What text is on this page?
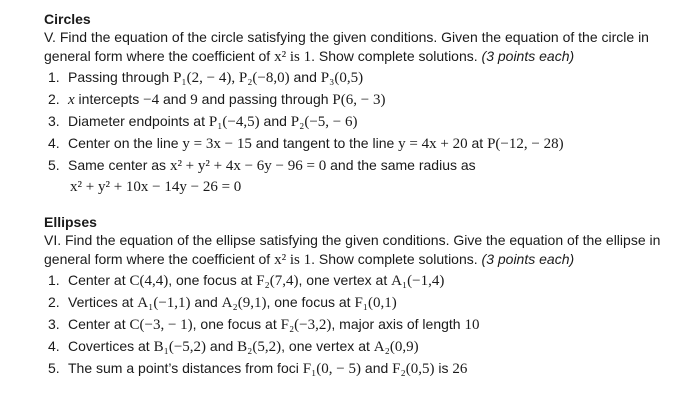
Circles

V. Find the equation of the circle satisfying the given conditions. Given the equation of the circle in general form where the coefficient of x² is 1. Show complete solutions. (3 points each)

1. Passing through P₁(2, − 4), P₂(−8,0) and P₃(0,5)
2. x intercepts −4 and 9 and passing through P(6, − 3)
3. Diameter endpoints at P₁(−4,5) and P₂(−5, − 6)
4. Center on the line y = 3x − 15 and tangent to the line y = 4x + 20 at P(−12, − 28)
5. Same center as x² + y² + 4x − 6y − 96 = 0 and the same radius as
x² + y² + 10x − 14y − 26 = 0
Ellipses

VI. Find the equation of the ellipse satisfying the given conditions. Give the equation of the ellipse in general form where the coefficient of x² is 1. Show complete solutions. (3 points each)

1. Center at C(4,4), one focus at F₂(7,4), one vertex at A₁(−1,4)
2. Vertices at A₁(−1,1) and A₂(9,1), one focus at F₁(0,1)
3. Center at C(−3, − 1), one focus at F₂(−3,2), major axis of length 10
4. Covertices at B₁(−5,2) and B₂(5,2), one vertex at A₂(0,9)
5. The sum a point’s distances from foci F₁(0, − 5) and F₂(0,5) is 26
